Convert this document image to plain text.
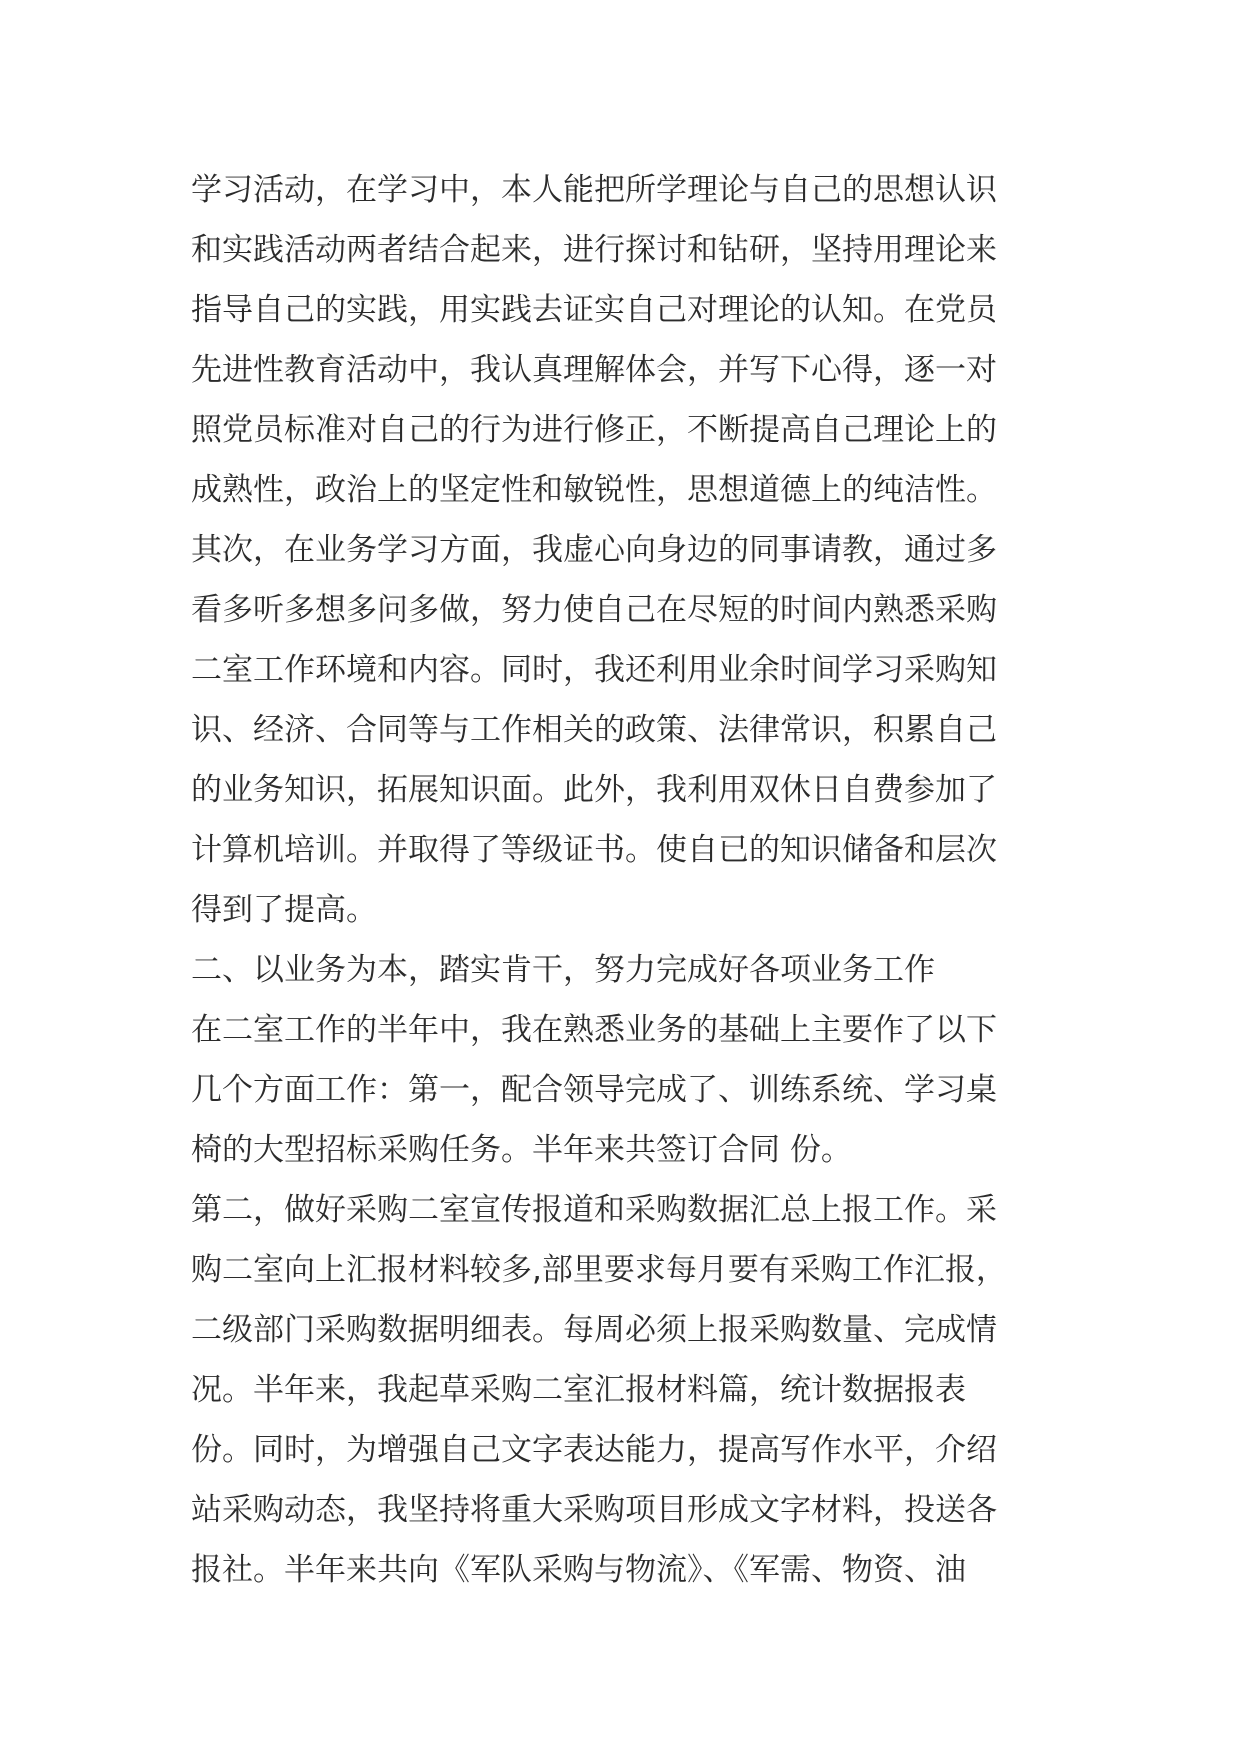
学习活动，在学习中，本人能把所学理论与自己的思想认识
和实践活动两者结合起来，进行探讨和钻研，坚持用理论来
指导自己的实践，用实践去证实自己对理论的认知。在党员
先进性教育活动中，我认真理解体会，并写下心得，逐一对
照党员标准对自己的行为进行修正，不断提高自己理论上的
成熟性，政治上的坚定性和敏锐性，思想道德上的纯洁性。
其次，在业务学习方面，我虚心向身边的同事请教，通过多
看多听多想多问多做，努力使自己在尽短的时间内熟悉采购
二室工作环境和内容。同时，我还利用业余时间学习采购知
识、经济、合同等与工作相关的政策、法律常识，积累自己
的业务知识，拓展知识面。此外，我利用双休日自费参加了
计算机培训。并取得了等级证书。使自已的知识储备和层次
得到了提高。
二、以业务为本，踏实肯干，努力完成好各项业务工作
在二室工作的半年中，我在熟悉业务的基础上主要作了以下
几个方面工作：第一，配合领导完成了、训练系统、学习桌
椅的大型招标采购任务。半年来共签订合同 份。
第二，做好采购二室宣传报道和采购数据汇总上报工作。采
购二室向上汇报材料较多,部里要求每月要有采购工作汇报，
二级部门采购数据明细表。每周必须上报采购数量、完成情
况。半年来，我起草采购二室汇报材料篇，统计数据报表
份。同时，为增强自己文字表达能力，提高写作水平，介绍
站采购动态，我坚持将重大采购项目形成文字材料，投送各
报社。半年来共向《军队采购与物流》、《军需、物资、油
